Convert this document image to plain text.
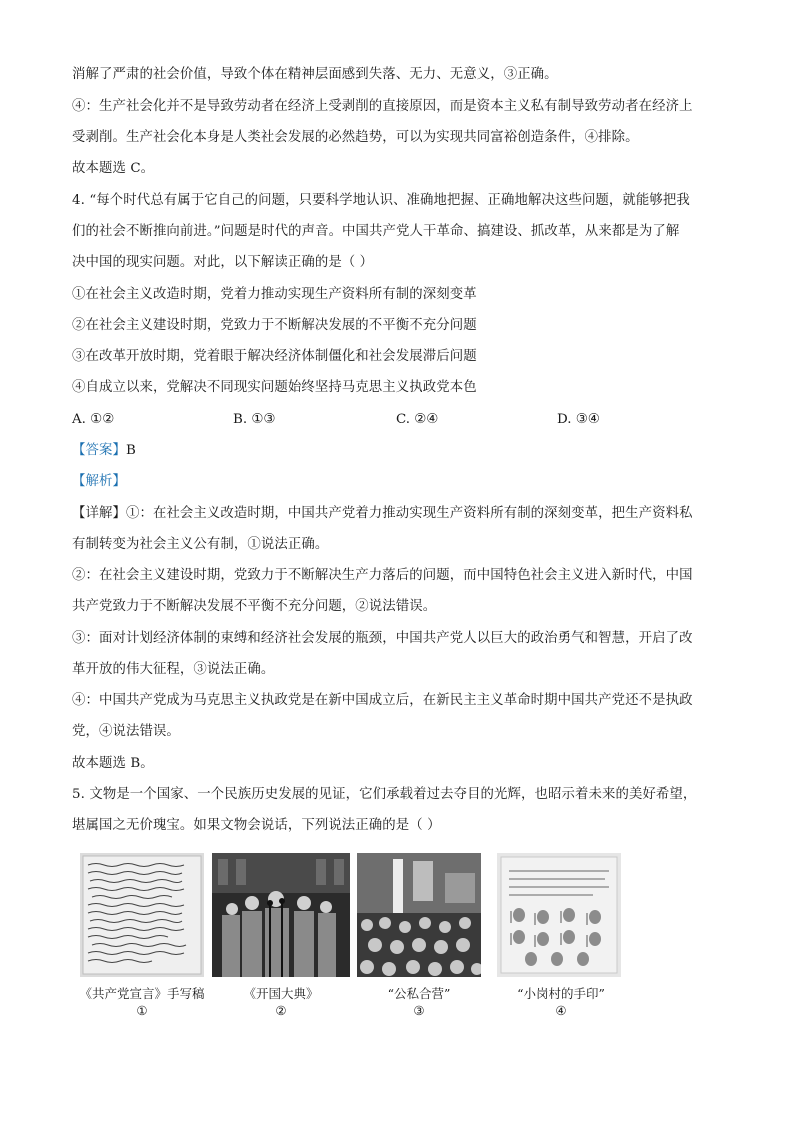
消解了严肃的社会价值，导致个体在精神层面感到失落、无力、无意义，③正确。
④：生产社会化并不是导致劳动者在经济上受剥削的直接原因，而是资本主义私有制导致劳动者在经济上
受剥削。生产社会化本身是人类社会发展的必然趋势，可以为实现共同富裕创造条件，④排除。
故本题选 C。
4. “每个时代总有属于它自己的问题，只要科学地认识、准确地把握、正确地解决这些问题，就能够把我
们的社会不断推向前进。”问题是时代的声音。中国共产党人干革命、搞建设、抓改革，从来都是为了解
决中国的现实问题。对此，以下解读正确的是（ ）
①在社会主义改造时期，党着力推动实现生产资料所有制的深刻变革
②在社会主义建设时期，党致力于不断解决发展的不平衡不充分问题
③在改革开放时期，党着眼于解决经济体制僵化和社会发展滞后问题
④自成立以来，党解决不同现实问题始终坚持马克思主义执政党本色
A. ①②	B. ①③	C. ②④	D. ③④
【答案】B
【解析】
【详解】①：在社会主义改造时期，中国共产党着力推动实现生产资料所有制的深刻变革，把生产资料私
有制转变为社会主义公有制，①说法正确。
②：在社会主义建设时期，党致力于不断解决生产力落后的问题，而中国特色社会主义进入新时代，中国
共产党致力于不断解决发展不平衡不充分问题，②说法错误。
③：面对计划经济体制的束缚和经济社会发展的瓶颈，中国共产党人以巨大的政治勇气和智慧，开启了改
革开放的伟大征程，③说法正确。
④：中国共产党成为马克思主义执政党是在新中国成立后，在新民主主义革命时期中国共产党还不是执政
党，④说法错误。
故本题选 B。
5. 文物是一个国家、一个民族历史发展的见证，它们承载着过去夺目的光辉，也昭示着未来的美好希望，
堪属国之无价瑰宝。如果文物会说话，下列说法正确的是（ ）
《共产党宣言》手写稿
①
《开国大典》
②
“公私合营”
③
“小岗村的手印”
④
